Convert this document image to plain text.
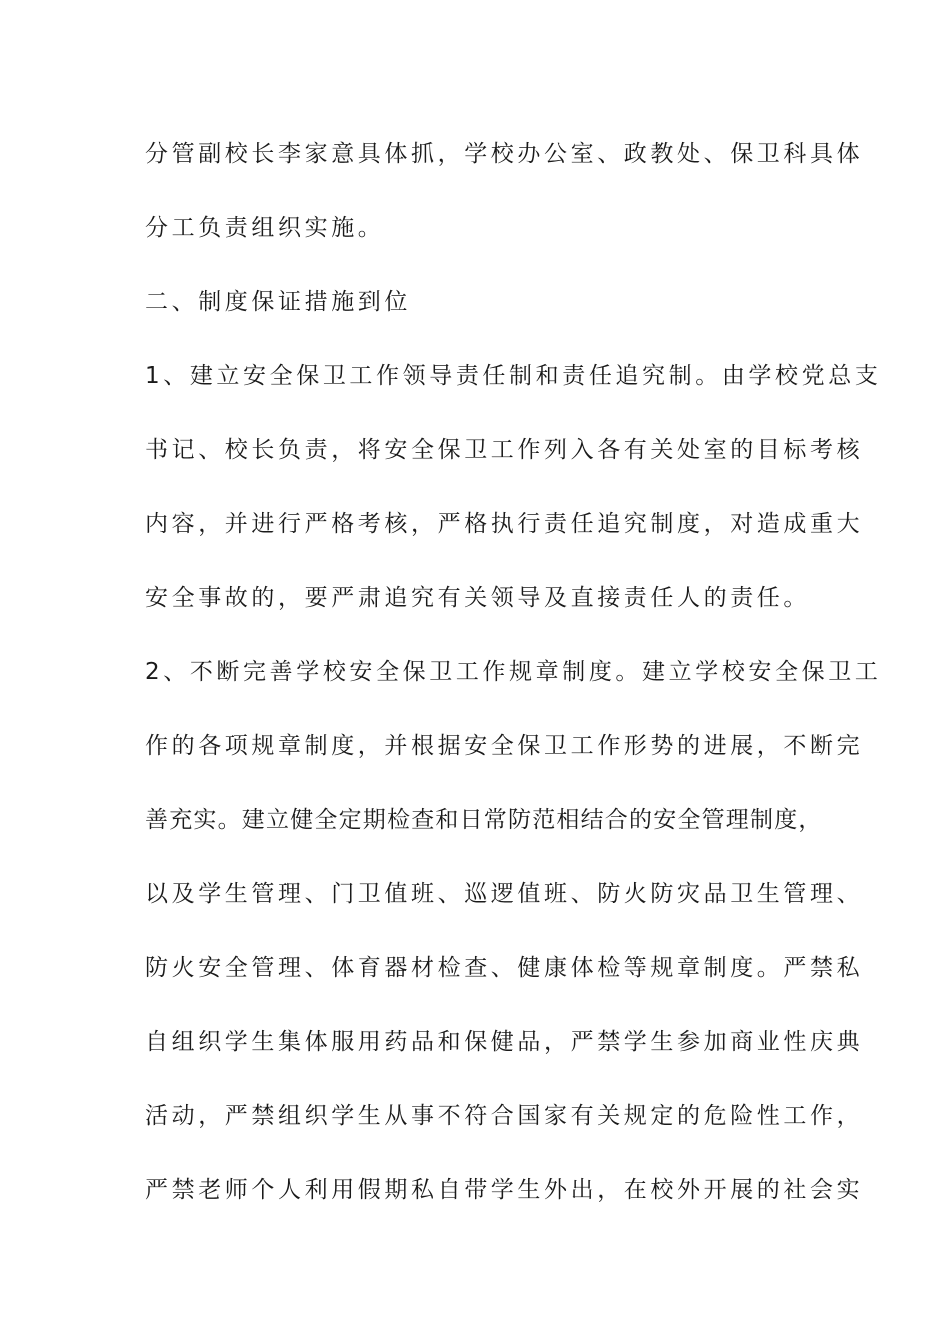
分管副校长李家意具体抓，学校办公室、政教处、保卫科具体
分工负责组织实施。
二、制度保证措施到位
1、建立安全保卫工作领导责任制和责任追究制。由学校党总支
书记、校长负责，将安全保卫工作列入各有关处室的目标考核
内容，并进行严格考核，严格执行责任追究制度，对造成重大
安全事故的，要严肃追究有关领导及直接责任人的责任。
2、不断完善学校安全保卫工作规章制度。建立学校安全保卫工
作的各项规章制度，并根据安全保卫工作形势的进展，不断完
善充实。建立健全定期检查和日常防范相结合的安全管理制度，
以及学生管理、门卫值班、巡逻值班、防火防灾品卫生管理、
防火安全管理、体育器材检查、健康体检等规章制度。严禁私
自组织学生集体服用药品和保健品，严禁学生参加商业性庆典
活动，严禁组织学生从事不符合国家有关规定的危险性工作，
严禁老师个人利用假期私自带学生外出，在校外开展的社会实
